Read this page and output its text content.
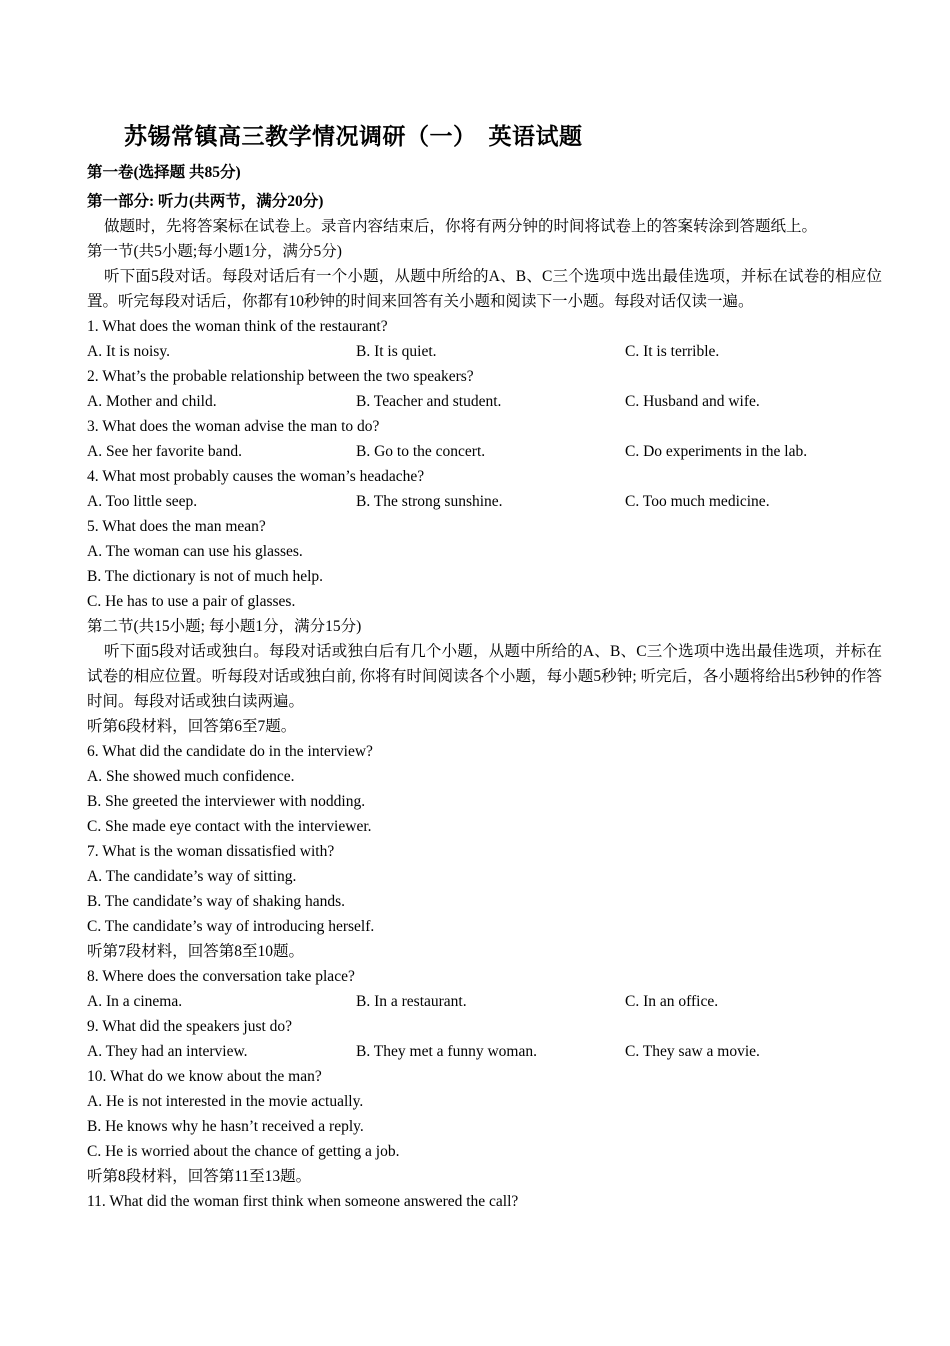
苏锡常镇高三教学情况调研（一）　英语试题
第一卷(选择题 共85分)
第一部分: 听力(共两节，满分20分)
做题时，先将答案标在试卷上。录音内容结束后，你将有两分钟的时间将试卷上的答案转涂到答题纸上。
第一节(共5小题;每小题1分，满分5分)
听下面5段对话。每段对话后有一个小题，从题中所给的A、B、C三个选项中选出最佳选项，并标在试卷的相应位置。听完每段对话后，你都有10秒钟的时间来回答有关小题和阅读下一小题。每段对话仅读一遍。
1. What does the woman think of the restaurant?
A. It is noisy.	B. It is quiet.	C. It is terrible.
2. What’s the probable relationship between the two speakers?
A. Mother and child.	B. Teacher and student.	C. Husband and wife.
3. What does the woman advise the man to do?
A. See her favorite band.	B. Go to the concert.	C. Do experiments in the lab.
4. What most probably causes the woman’s headache?
A. Too little seep.	B. The strong sunshine.	C. Too much medicine.
5. What does the man mean?
A. The woman can use his glasses.
B. The dictionary is not of much help.
C. He has to use a pair of glasses.
第二节(共15小题; 每小题1分，满分15分)
听下面5段对话或独白。每段对话或独白后有几个小题，从题中所给的A、B、C三个选项中选出最佳选项，并标在试卷的相应位置。听每段对话或独白前, 你将有时间阅读各个小题，每小题5秒钟; 听完后，各小题将给出5秒钟的作答时间。每段对话或独白读两遍。
听第6段材料，回答第6至7题。
6. What did the candidate do in the interview?
A. She showed much confidence.
B. She greeted the interviewer with nodding.
C. She made eye contact with the interviewer.
7. What is the woman dissatisfied with?
A. The candidate’s way of sitting.
B. The candidate’s way of shaking hands.
C. The candidate’s way of introducing herself.
听第7段材料，回答第8至10题。
8. Where does the conversation take place?
A. In a cinema.	B. In a restaurant.	C. In an office.
9. What did the speakers just do?
A. They had an interview.	B. They met a funny woman.	C. They saw a movie.
10. What do we know about the man?
A. He is not interested in the movie actually.
B. He knows why he hasn’t received a reply.
C. He is worried about the chance of getting a job.
听第8段材料，回答第11至13题。
11. What did the woman first think when someone answered the call?
